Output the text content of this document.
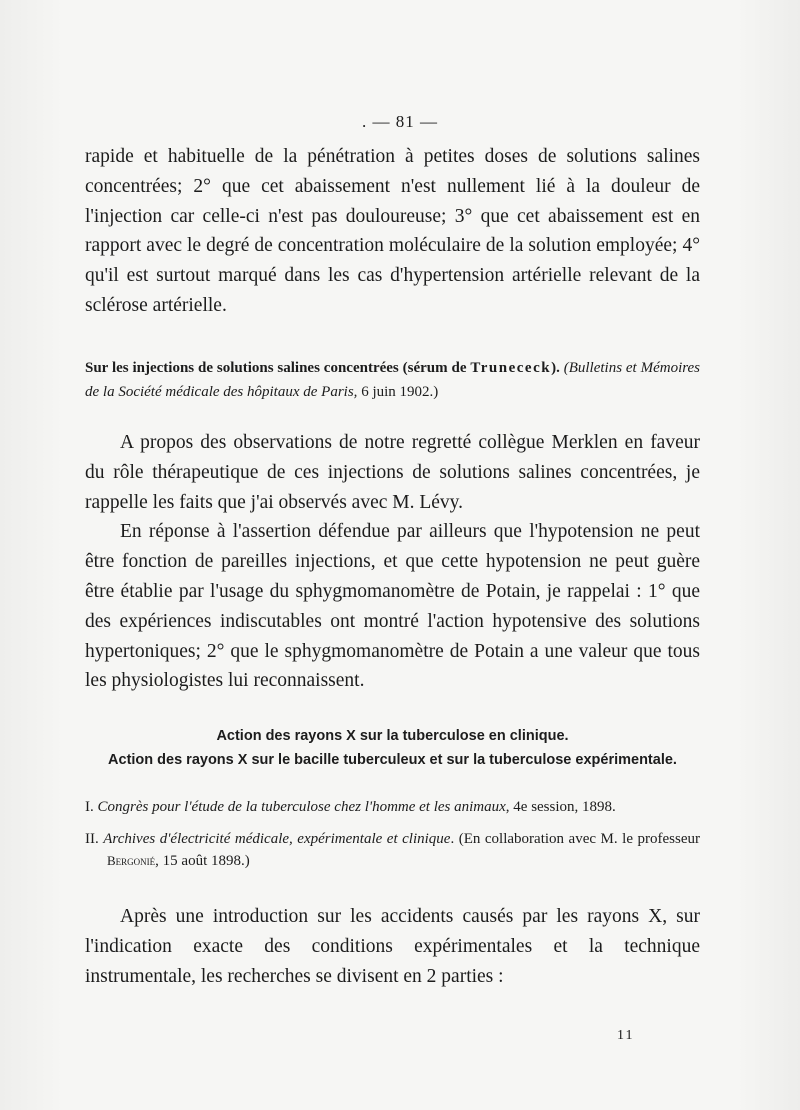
. — 81 —

rapide et habituelle de la pénétration à petites doses de solutions salines concentrées; 2° que cet abaissement n'est nullement lié à la douleur de l'injection car celle-ci n'est pas douloureuse; 3° que cet abaissement est en rapport avec le degré de concentration moléculaire de la solution employée; 4° qu'il est surtout marqué dans les cas d'hypertension artérielle relevant de la sclérose artérielle.

Sur les injections de solutions salines concentrées (sérum de Trunececk). (Bulletins et Mémoires de la Société médicale des hôpitaux de Paris, 6 juin 1902.)

A propos des observations de notre regretté collègue Merklen en faveur du rôle thérapeutique de ces injections de solutions salines concentrées, je rappelle les faits que j'ai observés avec M. Lévy.

En réponse à l'assertion défendue par ailleurs que l'hypotension ne peut être fonction de pareilles injections, et que cette hypotension ne peut guère être établie par l'usage du sphygmomanomètre de Potain, je rappelai : 1° que des expériences indiscutables ont montré l'action hypotensive des solutions hypertoniques; 2° que le sphygmomanomètre de Potain a une valeur que tous les physiologistes lui reconnaissent.

Action des rayons X sur la tuberculose en clinique.

Action des rayons X sur le bacille tuberculeux et sur la tuberculose expérimentale.

I. Congrès pour l'étude de la tuberculose chez l'homme et les animaux, 4e session, 1898.

II. Archives d'électricité médicale, expérimentale et clinique. (En collaboration avec M. le professeur Bergonié, 15 août 1898.)

Après une introduction sur les accidents causés par les rayons X, sur l'indication exacte des conditions expérimentales et la technique instrumentale, les recherches se divisent en 2 parties :

11
